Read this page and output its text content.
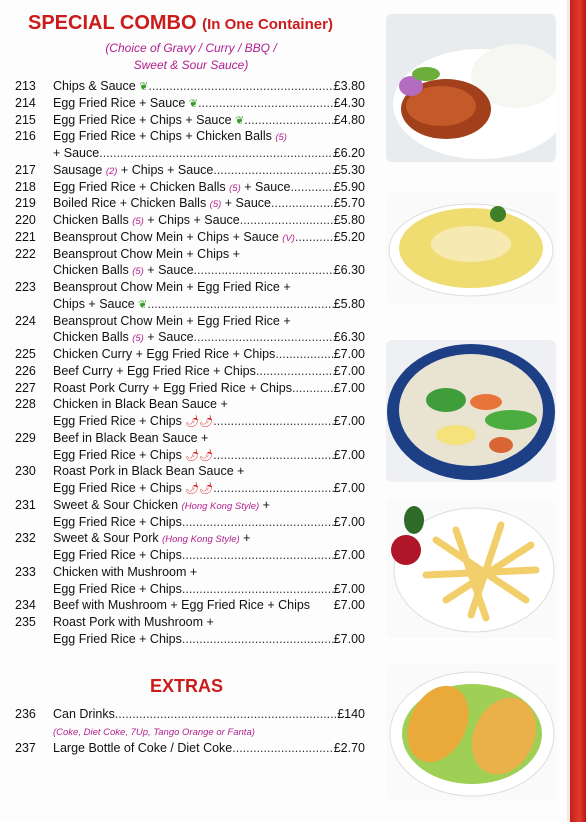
SPECIAL COMBO (In One Container)
(Choice of Gravy / Curry / BBQ /
Sweet & Sour Sauce)
213 Chips & Sauce ❦ .....	£3.80
214 Egg Fried Rice + Sauce ❦ .....	£4.30
215 Egg Fried Rice + Chips + Sauce ❦ .....	£4.80
216 Egg Fried Rice + Chips + Chicken Balls (5)
+ Sauce .....	£6.20
217 Sausage (2) + Chips + Sauce .....	£5.30
218 Egg Fried Rice + Chicken Balls (5) + Sauce .....	£5.90
219 Boiled Rice + Chicken Balls (5) + Sauce .....	£5.70
220 Chicken Balls (5) + Chips + Sauce .....	£5.80
221 Beansprout Chow Mein + Chips + Sauce (V) .....	£5.20
222 Beansprout Chow Mein + Chips +
Chicken Balls (5) + Sauce .....	£6.30
223 Beansprout Chow Mein + Egg Fried Rice +
Chips + Sauce ❦ .....	£5.80
224 Beansprout Chow Mein + Egg Fried Rice +
Chicken Balls (5) + Sauce .....	£6.30
225 Chicken Curry + Egg Fried Rice + Chips .....	£7.00
226 Beef Curry + Egg Fried Rice + Chips .....	£7.00
227 Roast Pork Curry + Egg Fried Rice + Chips .....	£7.00
228 Chicken in Black Bean Sauce +
Egg Fried Rice + Chips 🌶🌶 .....	£7.00
229 Beef in Black Bean Sauce +
Egg Fried Rice + Chips 🌶🌶 .....	£7.00
230 Roast Pork in Black Bean Sauce +
Egg Fried Rice + Chips 🌶🌶 .....	£7.00
231 Sweet & Sour Chicken (Hong Kong Style) +
Egg Fried Rice + Chips .....	£7.00
232 Sweet & Sour Pork (Hong Kong Style) +
Egg Fried Rice + Chips .....	£7.00
233 Chicken with Mushroom +
Egg Fried Rice + Chips .....	£7.00
234 Beef with Mushroom + Egg Fried Rice + Chips £7.00
235 Roast Pork with Mushroom +
Egg Fried Rice + Chips .....	£7.00
EXTRAS
236 Can Drinks .....	£140
(Coke, Diet Coke, 7Up, Tango Orange or Fanta)
237 Large Bottle of Coke / Diet Coke .....	£2.70
